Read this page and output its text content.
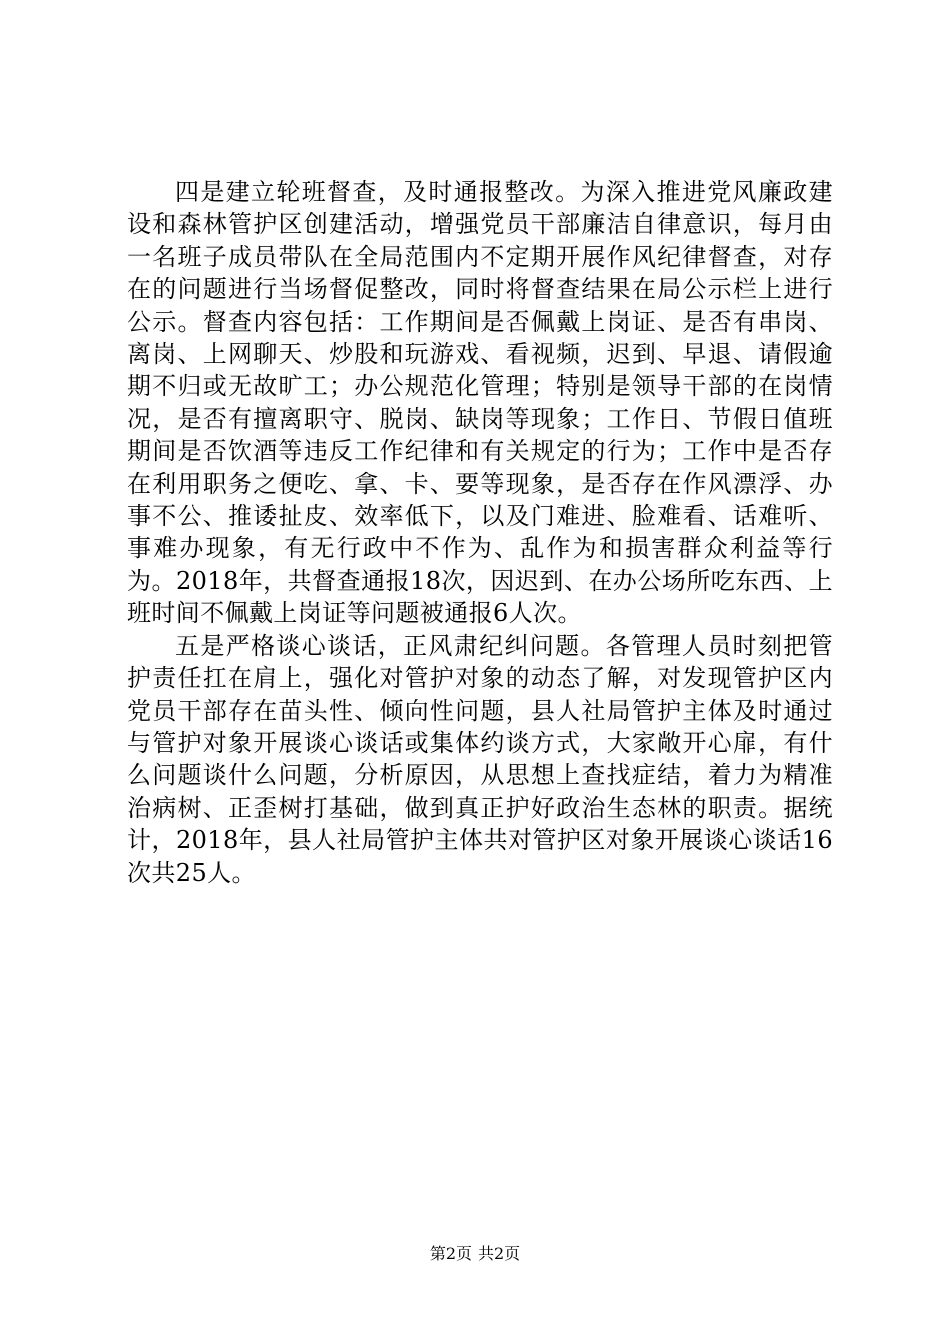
四是建立轮班督查，及时通报整改。为深入推进党风廉政建设和森林管护区创建活动，增强党员干部廉洁自律意识，每月由一名班子成员带队在全局范围内不定期开展作风纪律督查，对存在的问题进行当场督促整改，同时将督查结果在局公示栏上进行公示。督查内容包括：工作期间是否佩戴上岗证、是否有串岗、离岗、上网聊天、炒股和玩游戏、看视频，迟到、早退、请假逾期不归或无故旷工；办公规范化管理；特别是领导干部的在岗情况，是否有擅离职守、脱岗、缺岗等现象；工作日、节假日值班期间是否饮酒等违反工作纪律和有关规定的行为；工作中是否存在利用职务之便吃、拿、卡、要等现象，是否存在作风漂浮、办事不公、推诿扯皮、效率低下，以及门难进、脸难看、话难听、事难办现象，有无行政中不作为、乱作为和损害群众利益等行为。2018年，共督查通报18次，因迟到、在办公场所吃东西、上班时间不佩戴上岗证等问题被通报6人次。

五是严格谈心谈话，正风肃纪纠问题。各管理人员时刻把管护责任扛在肩上，强化对管护对象的动态了解，对发现管护区内党员干部存在苗头性、倾向性问题，县人社局管护主体及时通过与管护对象开展谈心谈话或集体约谈方式，大家敞开心扉，有什么问题谈什么问题，分析原因，从思想上查找症结，着力为精准治病树、正歪树打基础，做到真正护好政治生态林的职责。据统计，2018年，县人社局管护主体共对管护区对象开展谈心谈话16次共25人。

第2页 共2页
